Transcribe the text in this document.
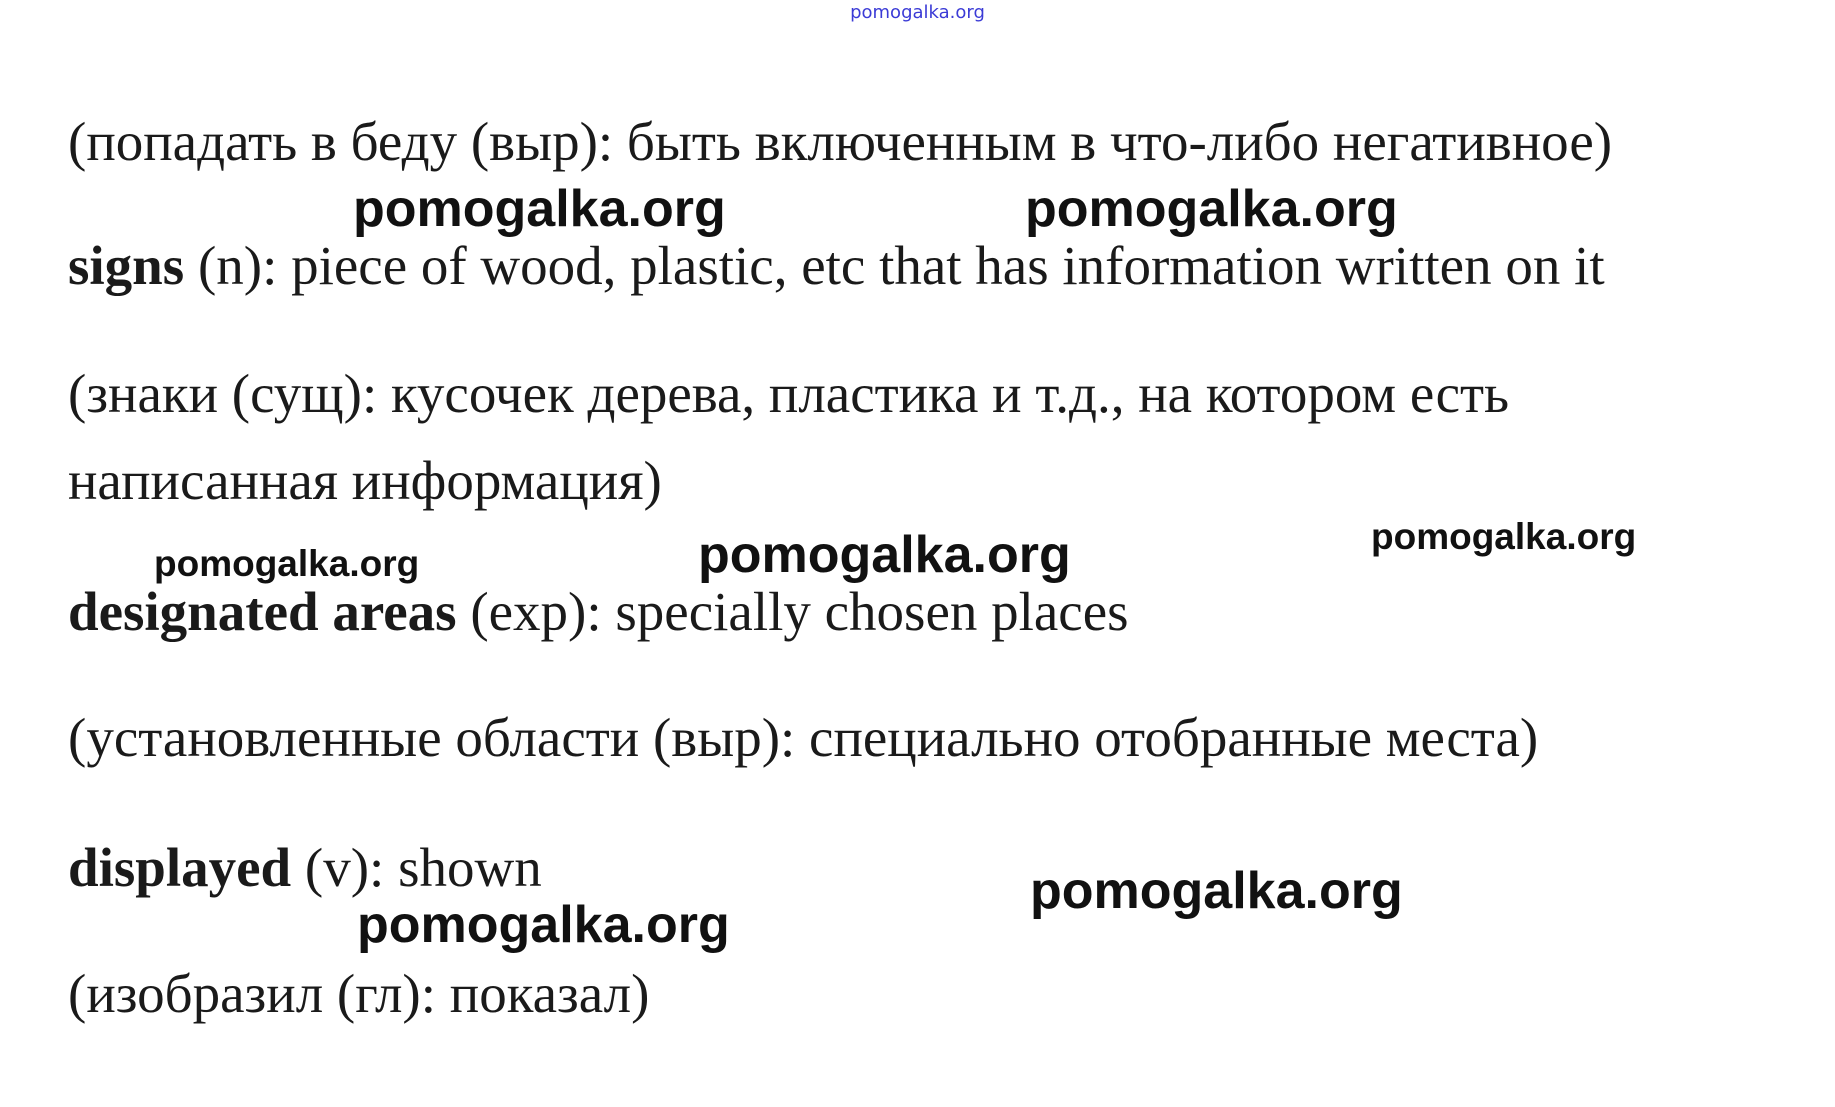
pomogalka.org
(попадать в беду (выр): быть включенным в что-либо негативное)
signs (n): piece of wood, plastic, etc that has information written on it
(знаки (сущ): кусочек дерева, пластика и т.д., на котором есть
написанная информация)
designated areas (exp): specially chosen places
(установленные области (выр): специально отобранные места)
displayed (v): shown
(изобразил (гл): показал)
pomogalka.org	pomogalka.org
pomogalka.org	pomogalka.org	pomogalka.org
pomogalka.org
pomogalka.org
